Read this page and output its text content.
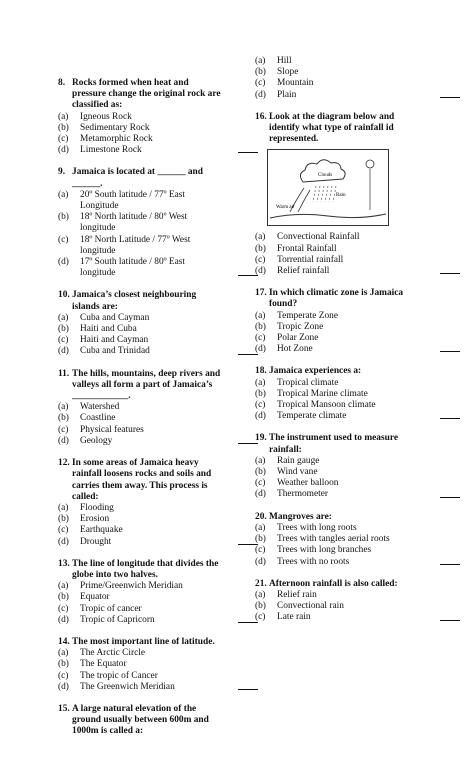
8. Rocks formed when heat and
pressure change the original rock are
classified as:
(a)	Igneous Rock
(b)	Sedimentary Rock
(c)	Metamorphic Rock
(d)	Limestone Rock
9. Jamaica is located at ______ and
______.
(a)	20º South latitude / 77º East
Longitude
(b)	18º North latitude / 80º West
longitude
(c)	18º North Latitude / 77º West
longitude
(d)	17º South latitude / 80º East
longitude
10. Jamaica’s closest neighbouring
islands are:
(a)	Cuba and Cayman
(b)	Haiti and Cuba
(c)	Haiti and Cayman
(d)	Cuba and Trinidad
11. The hills, mountains, deep rivers and
valleys all form a part of Jamaica’s
____________.
(a)	Watershed
(b)	Coastline
(c)	Physical features
(d)	Geology
12. In some areas of Jamaica heavy
rainfall loosens rocks and soils and
carries them away. This process is
called:
(a)	Flooding
(b)	Erosion
(c)	Earthquake
(d)	Drought
13. The line of longitude that divides the
globe into two halves.
(a)	Prime/Greenwich Meridian
(b)	Equator
(c)	Tropic of cancer
(d)	Tropic of Capricorn
14. The most important line of latitude.
(a)	The Arctic Circle
(b)	The Equator
(c)	The tropic of Cancer
(d)	The Greenwich Meridian
15. A large natural elevation of the
ground usually between 600m and
1000m is called a:
(a)	Hill
(b)	Slope
(c)	Mountain
(d)	Plain
16. Look at the diagram below and
identify what type of rainfall id
represented.
Clouds
Rain
Warm air
(a)	Convectional Rainfall
(b)	Frontal Rainfall
(c)	Torrential rainfall
(d)	Relief rainfall
17. In which climatic zone is Jamaica
found?
(a)	Temperate Zone
(b)	Tropic Zone
(c)	Polar Zone
(d)	Hot Zone
18. Jamaica experiences a:
(a)	Tropical climate
(b)	Tropical Marine climate
(c)	Tropical Mansoon climate
(d)	Temperate climate
19. The instrument used to measure
rainfall:
(a)	Rain gauge
(b)	Wind vane
(c)	Weather balloon
(d)	Thermometer
20. Mangroves are:
(a)	Trees with long roots
(b)	Trees with tangles aerial roots
(c)	Trees with long branches
(d)	Trees with no roots
21. Afternoon rainfall is also called:
(a)	Relief rain
(b)	Convectional rain
(c)	Late rain
